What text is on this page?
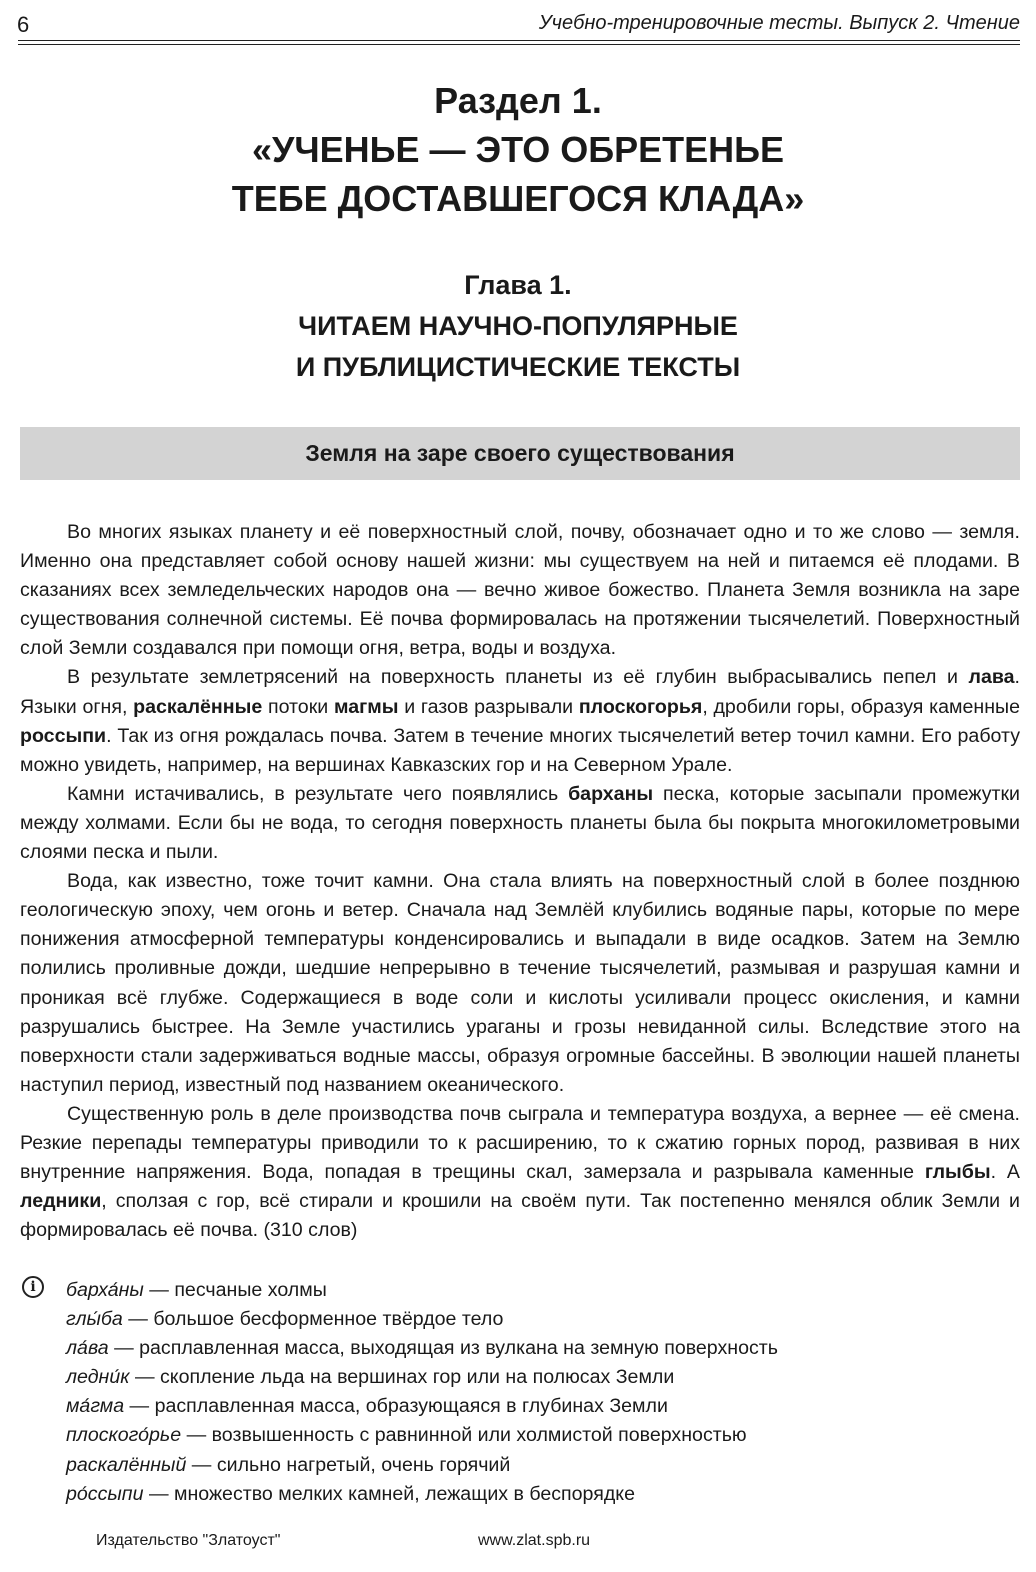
6	Учебно-тренировочные тесты. Выпуск 2. Чтение
Раздел 1.
«УЧЕНЬЕ — ЭТО ОБРЕТЕНЬЕ
ТЕБЕ ДОСТАВШЕГОСЯ КЛАДА»
Глава 1.
ЧИТАЕМ НАУЧНО-ПОПУЛЯРНЫЕ
И ПУБЛИЦИСТИЧЕСКИЕ ТЕКСТЫ
Земля на заре своего существования

Во многих языках планету и её поверхностный слой, почву, обозначает одно и то же слово — земля. Именно она представляет собой основу нашей жизни: мы существуем на ней и питаемся её плодами. В сказаниях всех земледельческих народов она — вечно живое божество. Планета Земля возникла на заре существования солнечной системы. Её почва формировалась на протяжении тысячелетий. Поверхностный слой Земли создавался при помощи огня, ветра, воды и воздуха.

В результате землетрясений на поверхность планеты из её глубин выбрасывались пепел и лава. Языки огня, раскалённые потоки магмы и газов разрывали плоскогорья, дробили горы, образуя каменные россыпи. Так из огня рождалась почва. Затем в течение многих тысячелетий ветер точил камни. Его работу можно увидеть, например, на вершинах Кавказских гор и на Северном Урале.

Камни истачивались, в результате чего появлялись барханы песка, которые засыпали промежутки между холмами. Если бы не вода, то сегодня поверхность планеты была бы покрыта многокилометровыми слоями песка и пыли.

Вода, как известно, тоже точит камни. Она стала влиять на поверхностный слой в более позднюю геологическую эпоху, чем огонь и ветер. Сначала над Землёй клубились водяные пары, которые по мере понижения атмосферной температуры конденсировались и выпадали в виде осадков. Затем на Землю полились проливные дожди, шедшие непрерывно в течение тысячелетий, размывая и разрушая камни и проникая всё глубже. Содержащиеся в воде соли и кислоты усиливали процесс окисления, и камни разрушались быстрее. На Земле участились ураганы и грозы невиданной силы. Вследствие этого на поверхности стали задерживаться водные массы, образуя огромные бассейны. В эволюции нашей планеты наступил период, известный под названием океанического.

Существенную роль в деле производства почв сыграла и температура воздуха, а вернее — её смена. Резкие перепады температуры приводили то к расширению, то к сжатию горных пород, развивая в них внутренние напряжения. Вода, попадая в трещины скал, замерзала и разрывала каменные глыбы. А ледники, сползая с гор, всё стирали и крошили на своём пути. Так постепенно менялся облик Земли и формировалась её почва. (310 слов)

i	барха́ны — песчаные холмы
глы́ба — большое бесформенное твёрдое тело
ла́ва — расплавленная масса, выходящая из вулкана на земную поверхность
ледни́к — скопление льда на вершинах гор или на полюсах Земли
ма́гма — расплавленная масса, образующаяся в глубинах Земли
плоского́рье — возвышенность с равнинной или холмистой поверхностью
раскалённый — сильно нагретый, очень горячий
ро́ссыпи — множество мелких камней, лежащих в беспорядке
Издательство "Златоуст"	www.zlat.spb.ru
